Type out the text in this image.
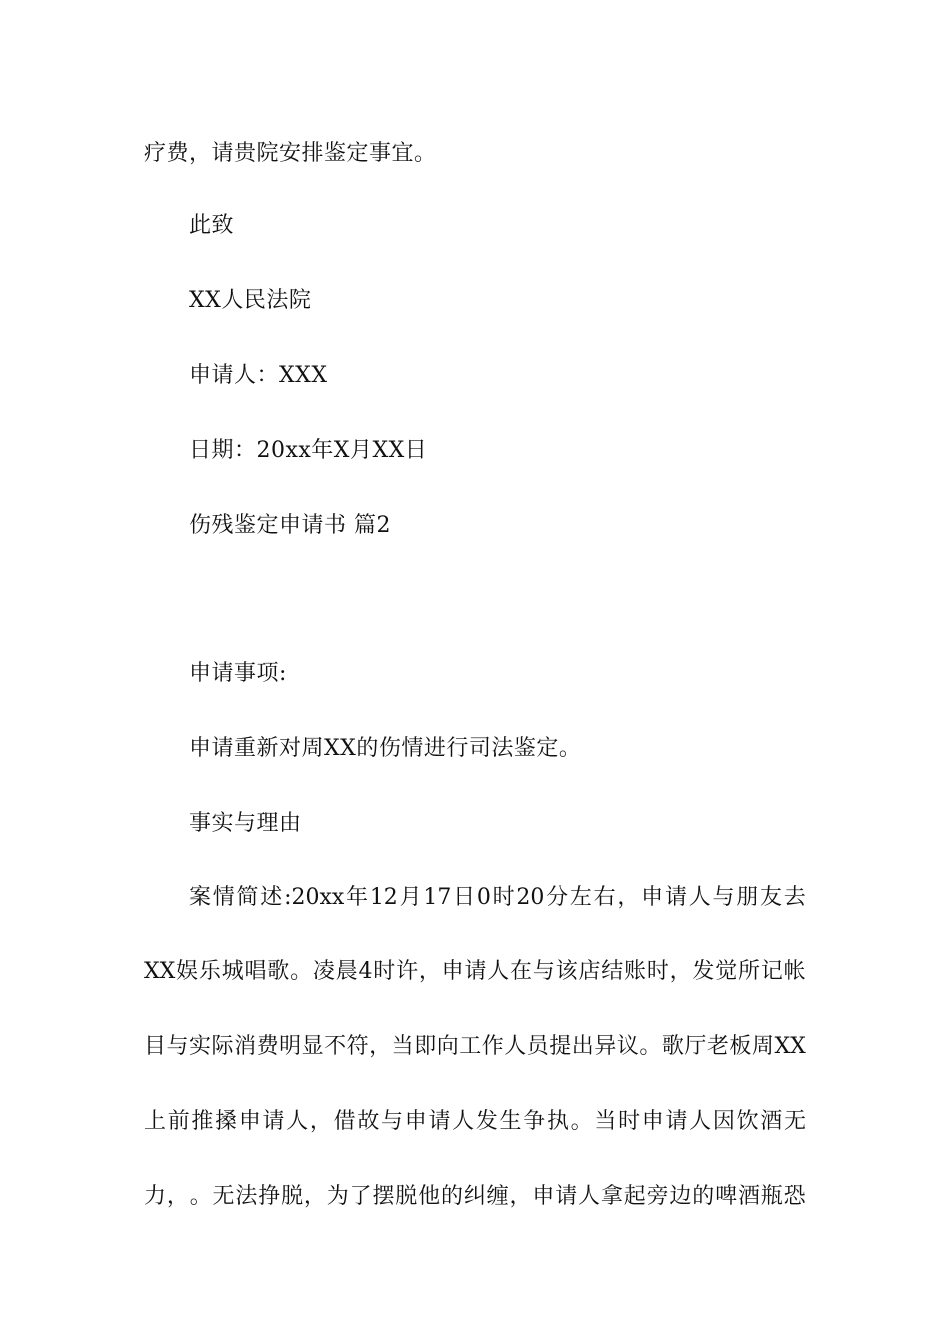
疗费，请贵院安排鉴定事宜。
此致
XX人民法院
申请人：XXX
日期：20xx年X月XX日
伤残鉴定申请书 篇2
申请事项:
申请重新对周XX的伤情进行司法鉴定。
事实与理由
案 情 简 述 :20xx 年 12 月 17 日 0 时 20 分 左 右 ， 申 请 人 与 朋 友 去
XX 娱 乐 城 唱 歌 。 凌 晨 4 时 许 ， 申 请 人 在 与 该 店 结 账 时 ， 发 觉 所 记 帐
目 与 实 际 消 费 明 显 不 符 ， 当 即 向 工 作 人 员 提 出 异 议 。 歌 厅 老 板 周 XX
上 前 推 搡 申 请 人 ， 借 故 与 申 请 人 发 生 争 执 。 当 时 申 请 人 因 饮 酒 无
力 ， 。 无 法 挣 脱 ， 为 了 摆 脱 他 的 纠 缠 ， 申 请 人 拿 起 旁 边 的 啤 酒 瓶 恐
